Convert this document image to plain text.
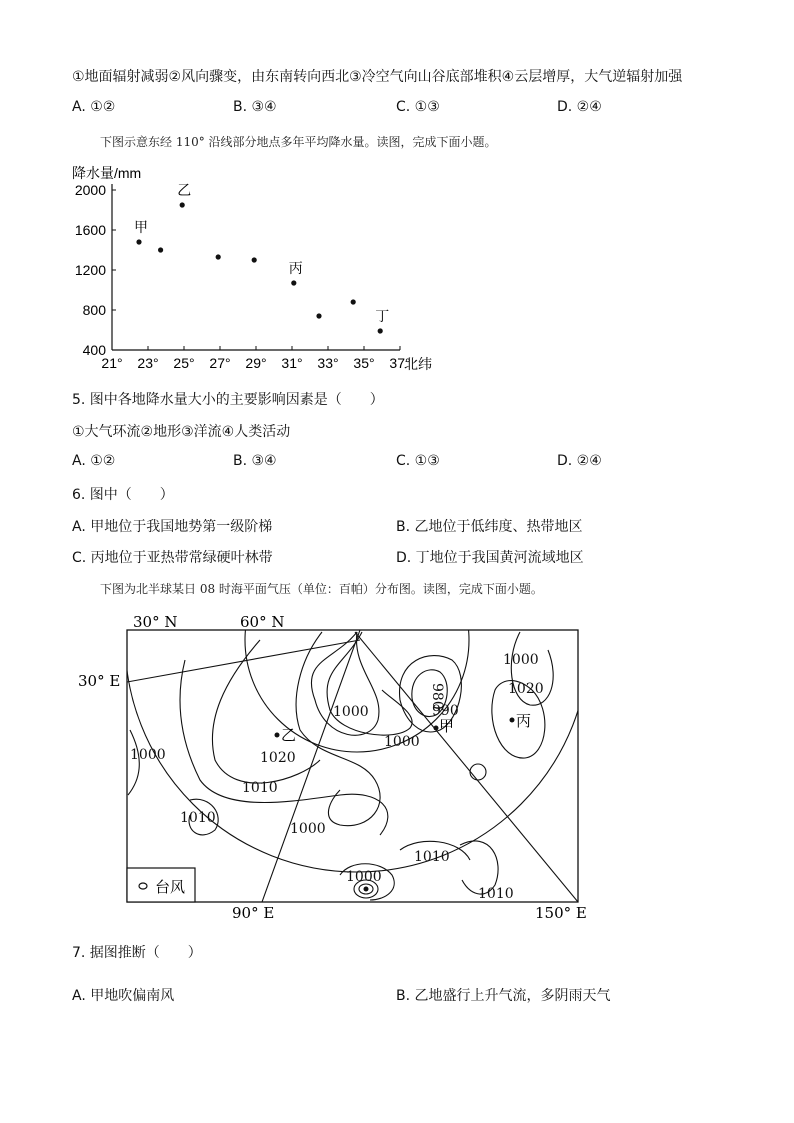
①地面辐射减弱②风向骤变，由东南转向西北③冷空气向山谷底部堆积④云层增厚，大气逆辐射加强
A. ①②	B. ③④	C. ①③	D. ②④
下图示意东经 110° 沿线部分地点多年平均降水量。读图，完成下面小题。
降水量/mm
400
800
1200
1600
2000
21° 23° 25° 27° 29° 31° 33° 35° 37°
甲
乙
丙
丁
北纬
5. 图中各地降水量大小的主要影响因素是（　　）
①大气环流②地形③洋流④人类活动
A. ①②	B. ③④	C. ①③	D. ②④
6. 图中（　　）
A. 甲地位于我国地势第一级阶梯	B. 乙地位于低纬度、热带地区
C. 丙地位于亚热带常绿硬叶林带	D. 丁地位于我国黄河流域地区
下图为北半球某日 08 时海平面气压（单位：百帕）分布图。读图，完成下面小题。
30° N	60° N
30° E
90° E	150° E
1000
1000
990
980
1000
1020
1020
1010
1000
1010
1000
1010
1010
1000
乙	甲	丙
台风
7. 据图推断（　　）
A. 甲地吹偏南风	B. 乙地盛行上升气流，多阴雨天气
